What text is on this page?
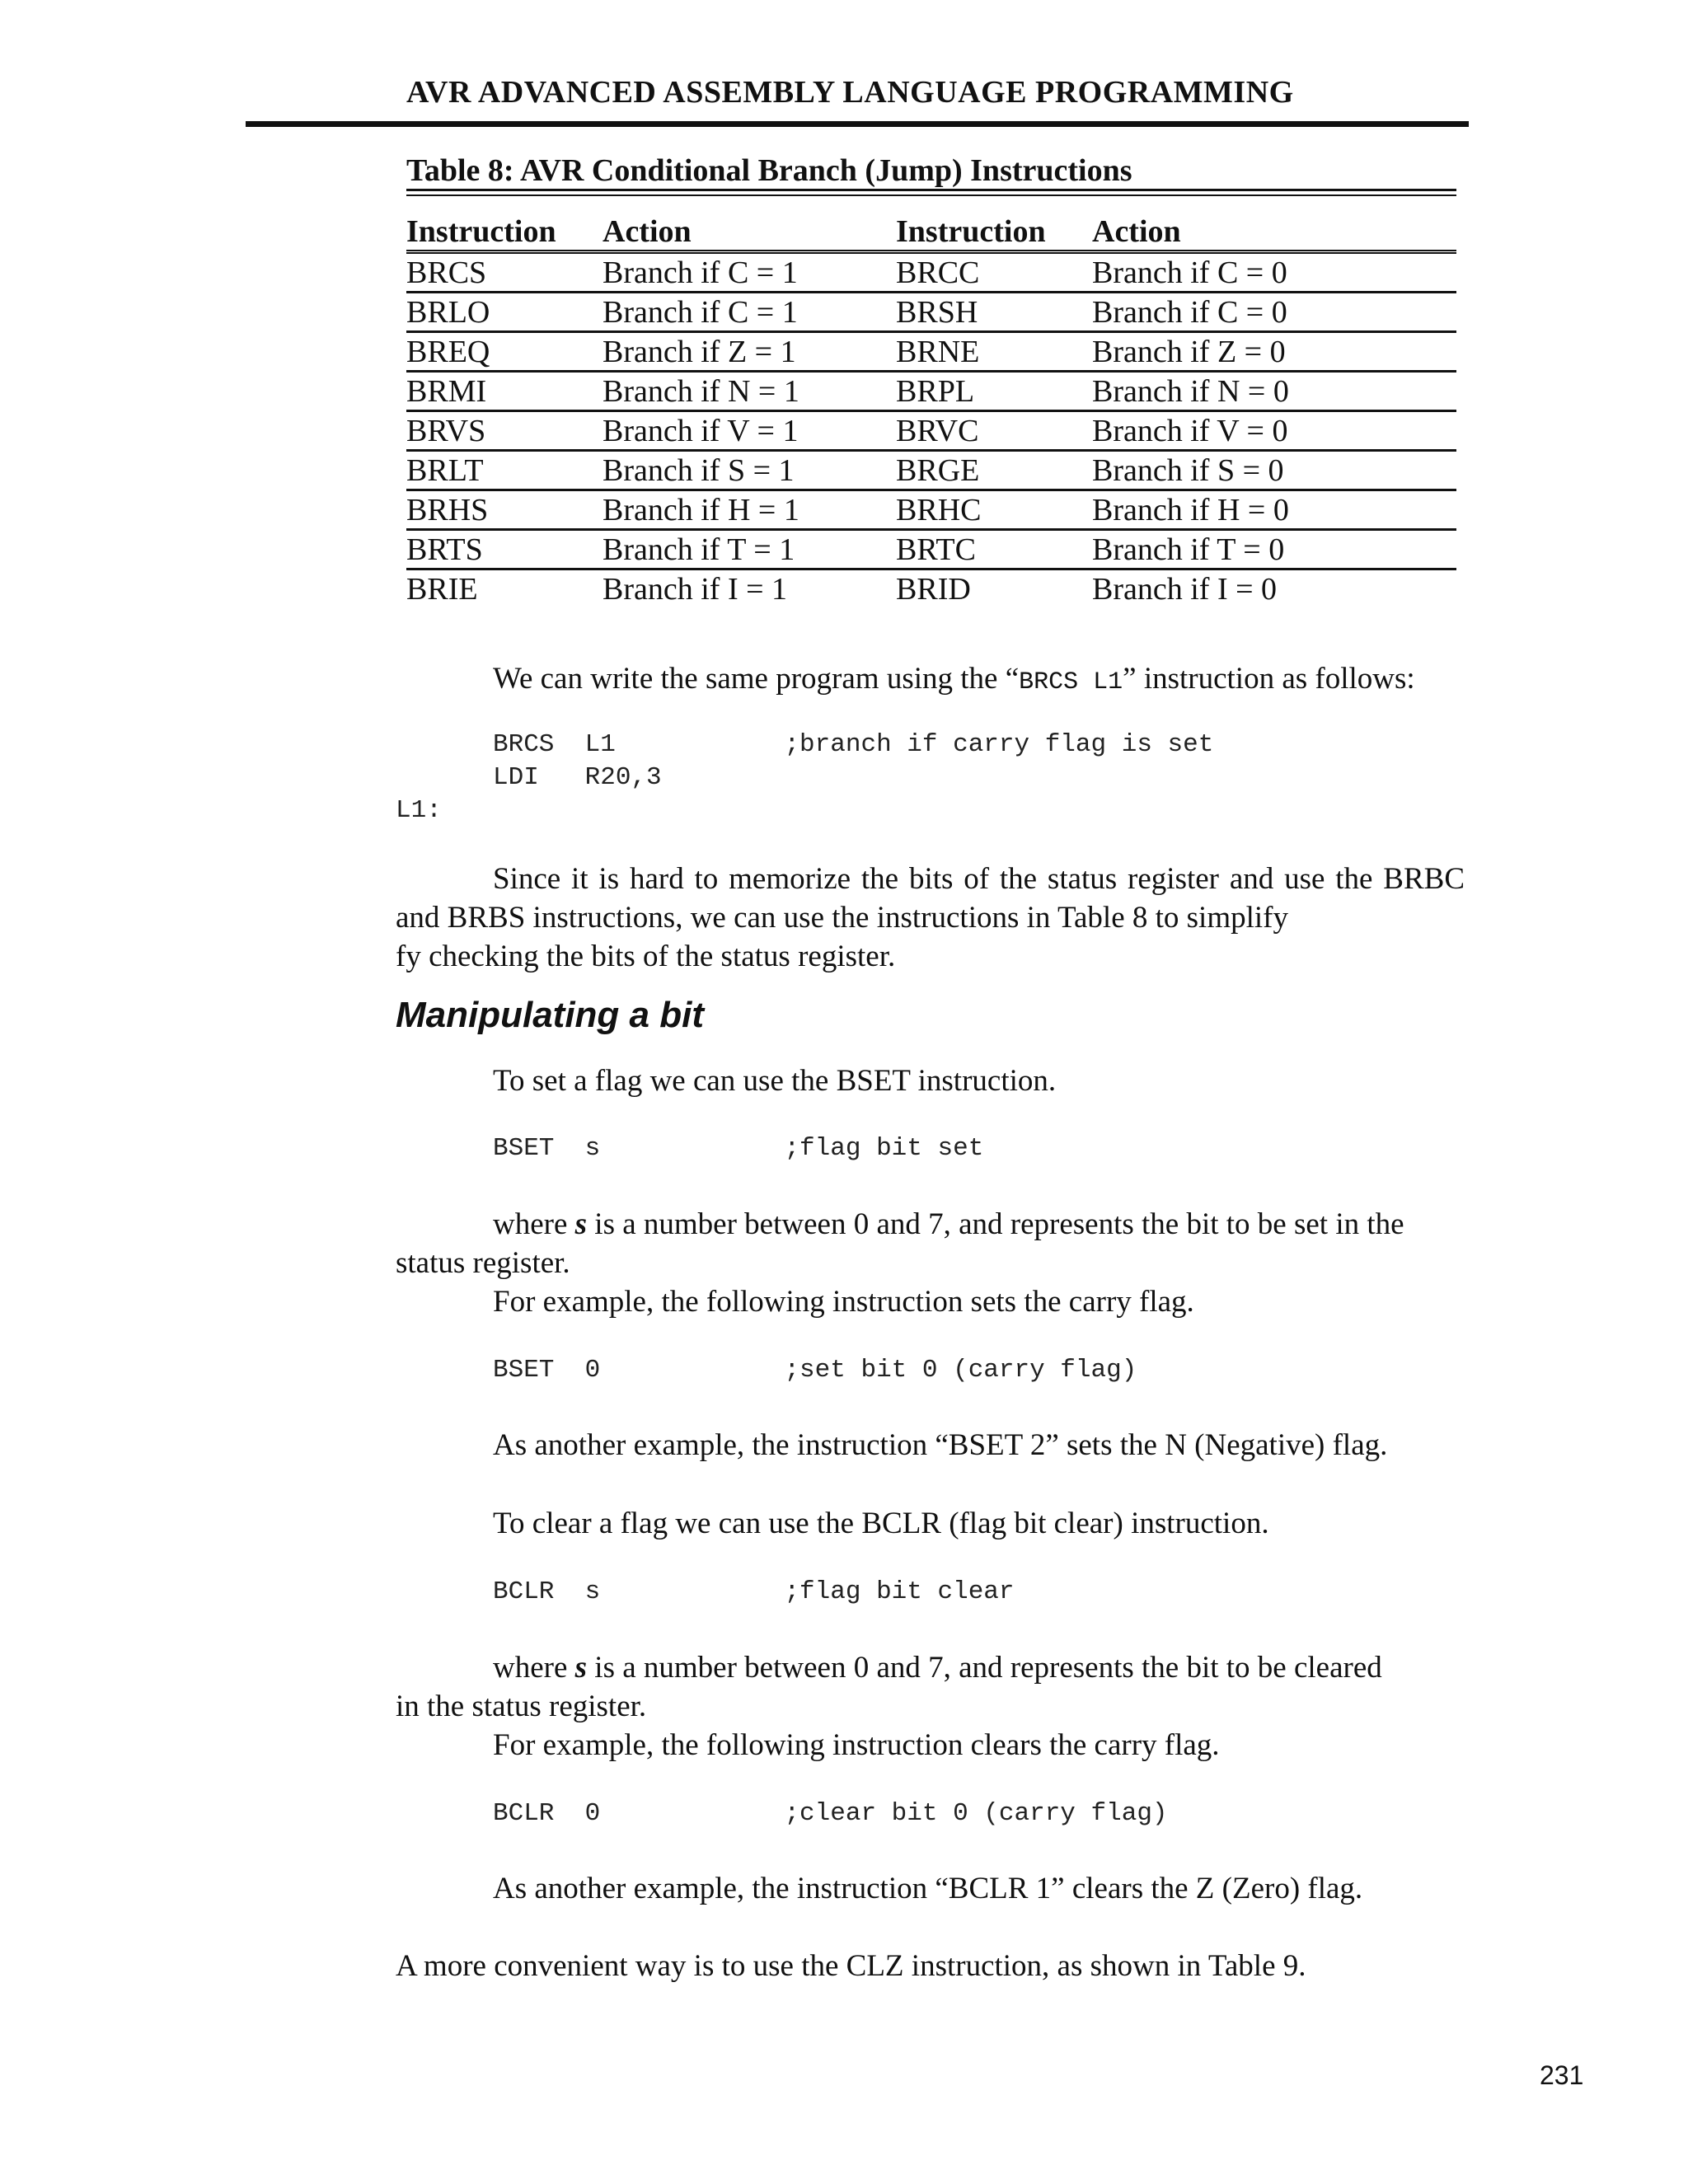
AVR ADVANCED ASSEMBLY LANGUAGE PROGRAMMING
Table 8: AVR Conditional Branch (Jump) Instructions
Instruction	Action	Instruction	Action
BRCS	Branch if C = 1	BRCC	Branch if C = 0
BRLO	Branch if C = 1	BRSH	Branch if C = 0
BREQ	Branch if Z = 1	BRNE	Branch if Z = 0
BRMI	Branch if N = 1	BRPL	Branch if N = 0
BRVS	Branch if V = 1	BRVC	Branch if V = 0
BRLT	Branch if S = 1	BRGE	Branch if S = 0
BRHS	Branch if H = 1	BRHC	Branch if H = 0
BRTS	Branch if T = 1	BRTC	Branch if T = 0
BRIE	Branch if I = 1	BRID	Branch if I = 0
We can write the same program using the “BRCS L1” instruction as follows:
BRCS  L1           ;branch if carry flag is set
LDI   R20,3
L1:
Since it is hard to memorize the bits of the status register and use the BRBC and BRBS instructions, we can use the instructions in Table 8 to simplify
fy checking the bits of the status register.
Manipulating a bit
To set a flag we can use the BSET instruction.
BSET  s            ;flag bit set
where s is a number between 0 and 7, and represents the bit to be set in the
status register.
For example, the following instruction sets the carry flag.
BSET  0            ;set bit 0 (carry flag)
As another example, the instruction “BSET 2” sets the N (Negative) flag.
To clear a flag we can use the BCLR (flag bit clear) instruction.
BCLR  s            ;flag bit clear
where s is a number between 0 and 7, and represents the bit to be cleared
in the status register.
For example, the following instruction clears the carry flag.
BCLR  0            ;clear bit 0 (carry flag)
As another example, the instruction “BCLR 1” clears the Z (Zero) flag.
A more convenient way is to use the CLZ instruction, as shown in Table 9.
231
